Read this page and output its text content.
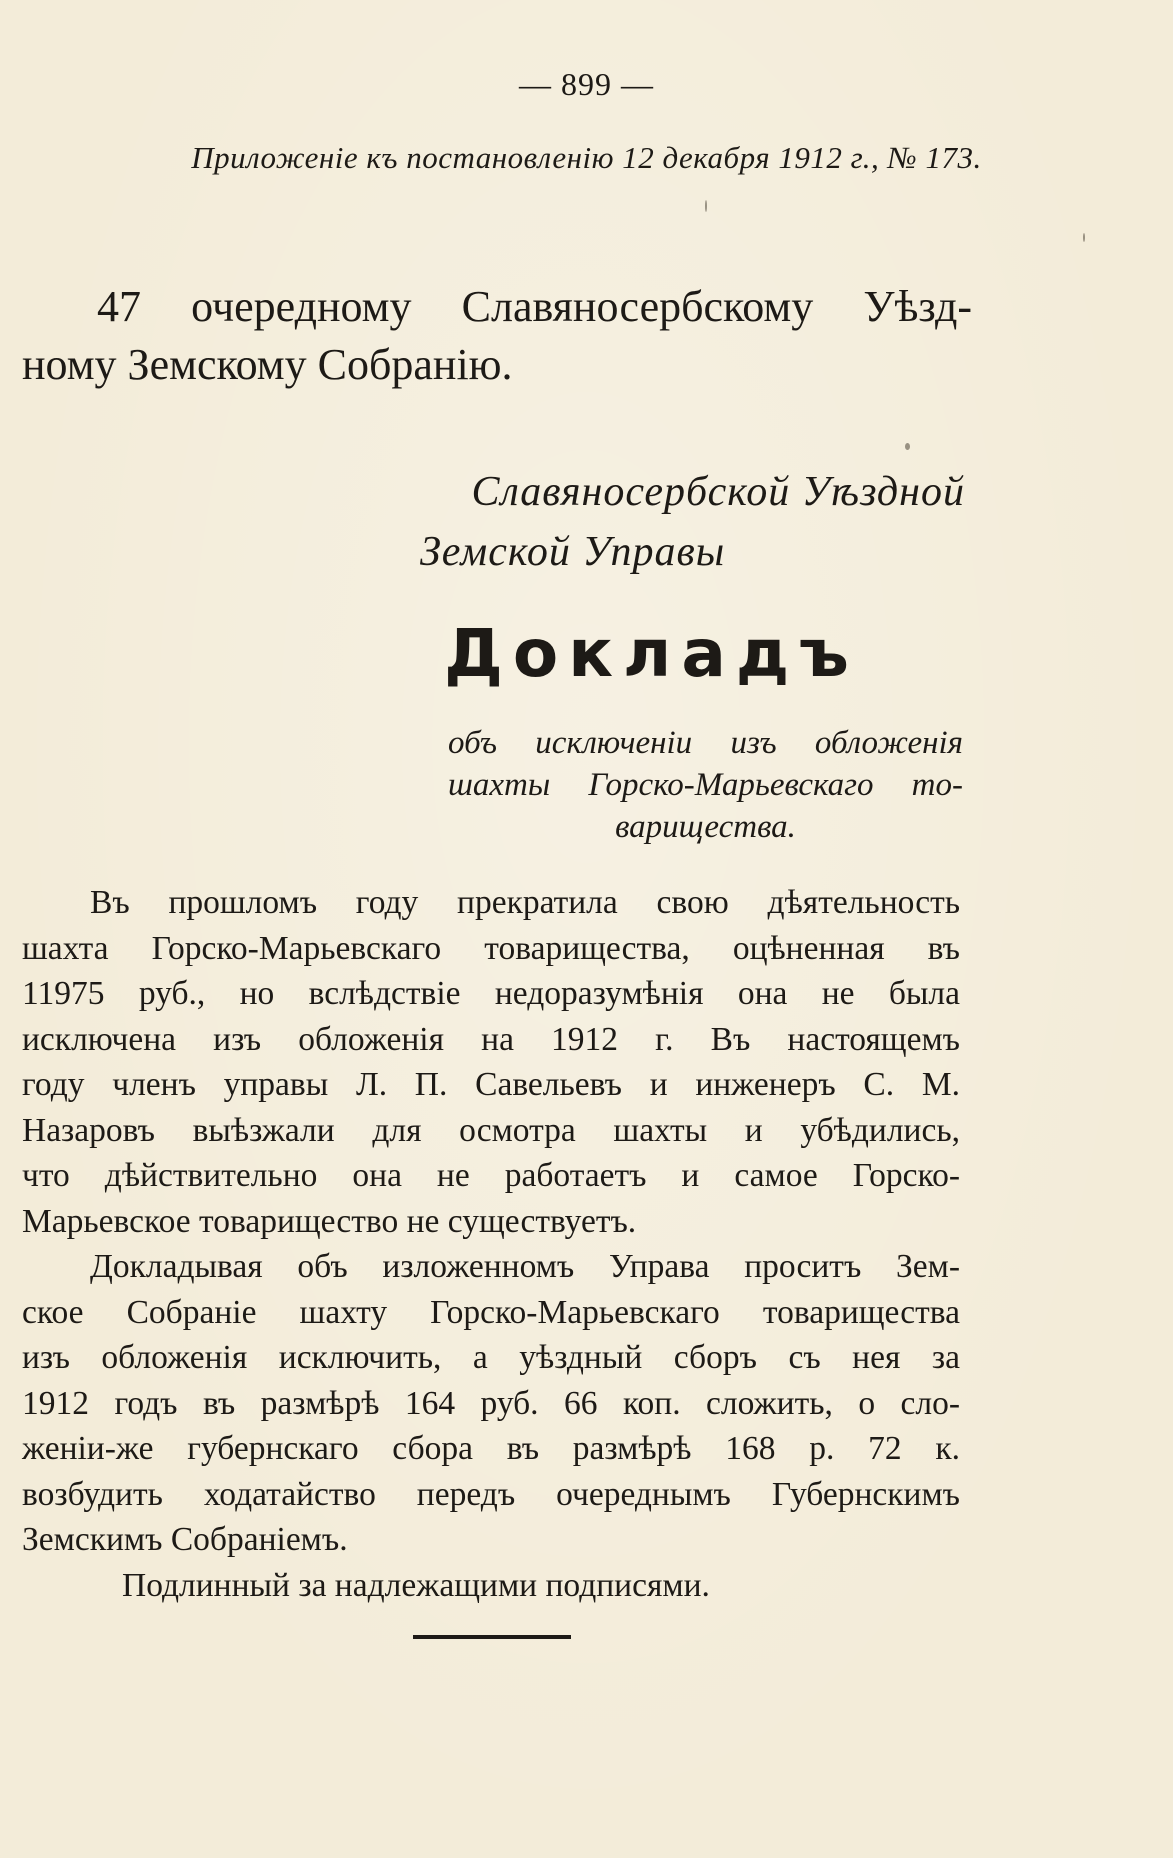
— 899 —
Приложеніе къ постановленію 12 декабря 1912 г., № 173.
47 очередному Славяносербскому Уѣзд-
ному Земскому Собранію.
Славяносербской Уѣздной
Земской Управы
Докладъ
объ исключеніи изъ обложенія
шахты Горско-Марьевскаго то-
варищества.

Въ прошломъ году прекратила свою дѣятельность
шахта Горско-Марьевскаго товарищества, оцѣненная въ
11975 руб., но вслѣдствіе недоразумѣнія она не была
исключена изъ обложенія на 1912 г. Въ настоящемъ
году членъ управы Л. П. Савельевъ и инженеръ С. М.
Назаровъ выѣзжали для осмотра шахты и убѣдились,
что дѣйствительно она не работаетъ и самое Горско-
Марьевское товарищество не существуетъ.

Докладывая объ изложенномъ Управа проситъ Зем-
ское Собраніе шахту Горско-Марьевскаго товарищества
изъ обложенія исключить, а уѣздный сборъ съ нея за
1912 годъ въ размѣрѣ 164 руб. 66 коп. сложить, о сло-
женіи-же губернскаго сбора въ размѣрѣ 168 р. 72 к.
возбудить ходатайство передъ очереднымъ Губернскимъ
Земскимъ Собраніемъ.

Подлинный за надлежащими подписями.
